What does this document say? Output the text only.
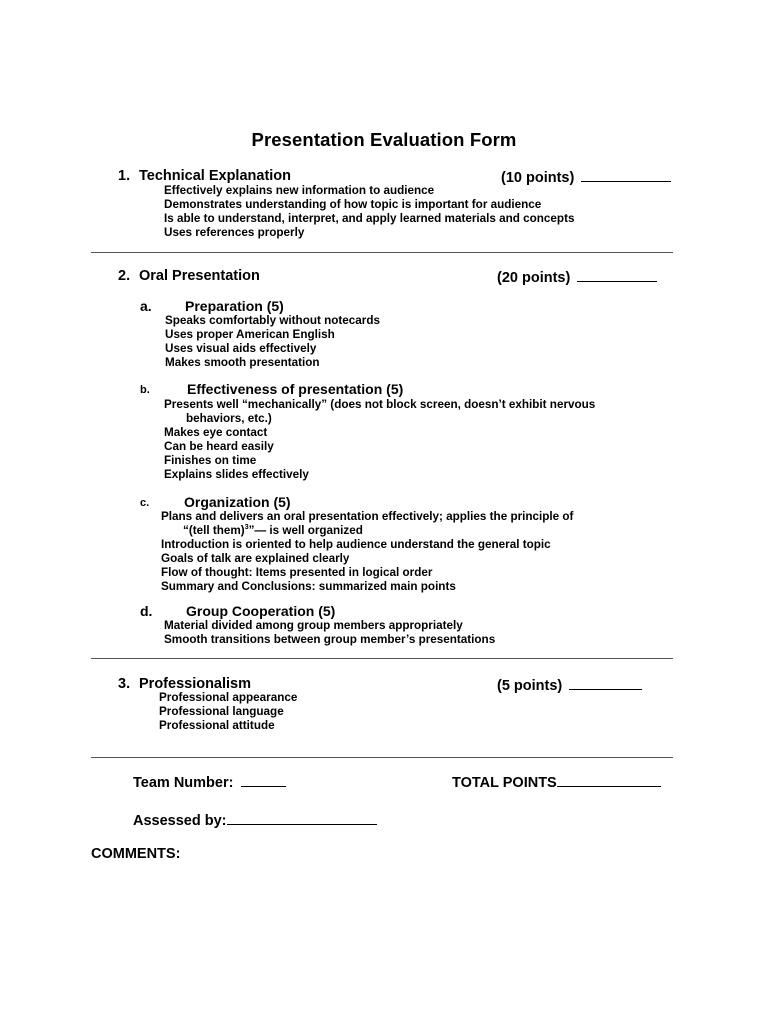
Presentation Evaluation Form
1. Technical Explanation	(10 points)
Effectively explains new information to audience
Demonstrates understanding of how topic is important for audience
Is able to understand, interpret, and apply learned materials and concepts
Uses references properly
2. Oral Presentation	(20 points)
a. Preparation (5)
Speaks comfortably without notecards
Uses proper American English
Uses visual aids effectively
Makes smooth presentation
b.	Effectiveness of presentation (5)
Presents well “mechanically” (does not block screen, doesn’t exhibit nervous
behaviors, etc.)
Makes eye contact
Can be heard easily
Finishes on time
Explains slides effectively
c. Organization (5)
Plans and delivers an oral presentation effectively; applies the principle of
“(tell them)$^3$”— is well organized
Introduction is oriented to help audience understand the general topic
Goals of talk are explained clearly
Flow of thought: Items presented in logical order
Summary and Conclusions: summarized main points
d. Group Cooperation (5)
Material divided among group members appropriately
Smooth transitions between group member’s presentations
3. Professionalism	(5 points)
Professional appearance
Professional language
Professional attitude
Team Number:	TOTAL POINTS
Assessed by:
COMMENTS:
